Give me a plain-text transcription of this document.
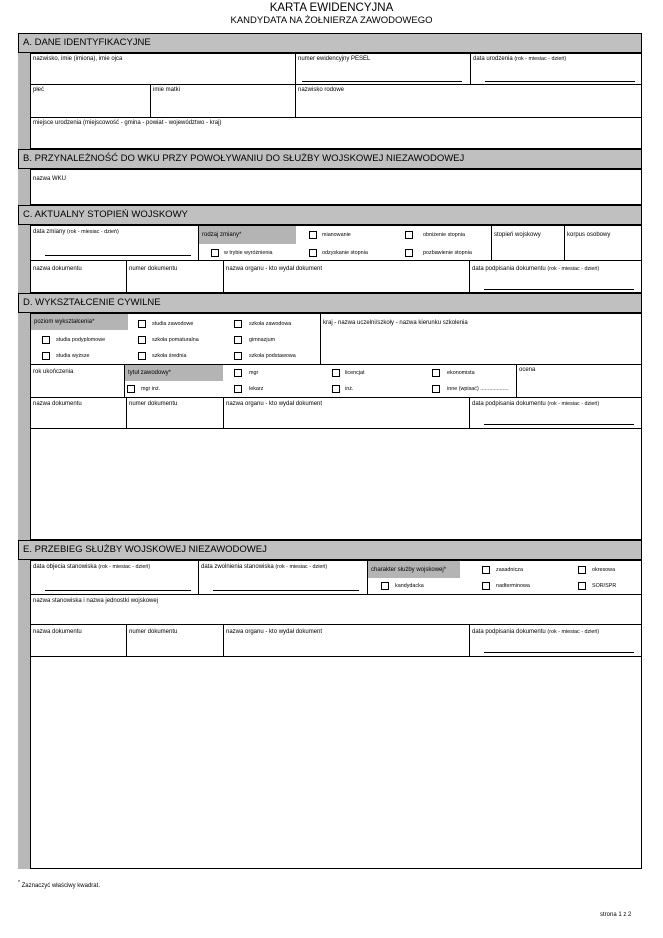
KARTA EWIDENCYJNA
KANDYDATA NA ŻOŁNIERZA ZAWODOWEGO
A. DANE IDENTYFIKACYJNE
nazwisko, imie (imiona), imie ojca	numer ewidencyjny PESEL	data urodzenia (rok - miesiac - dzień)
płeć	imie matki	nazwisko rodowe
miejsce urodzenia (miejscowość - gmina - powiat - województwo - kraj)
B. PRZYNALEŻNOŚĆ DO WKU PRZY POWOŁYWANIU DO SŁUŻBY WOJSKOWEJ NIEZAWODOWEJ
nazwa WKU
C. AKTUALNY STOPIEŃ WOJSKOWY
data zmiany (rok - miesiac - dzień)	rodzaj zmiany*	mianowanie	obniżenie stopnia
w trybie wyróżnienia	odzyskanie stopnia	pozbawienie stopnia
stopień wojskowy	korpus osobowy
nazwa dokumentu	numer dokumentu	nazwa organu - kto wydał dokument	data podpisania dokumentu (rok - miesiac - dzień)
D. WYKSZTAŁCENIE CYWILNE
poziom wykształcenia*	studia zawodowe	szkoła zawodowa
studia podyplomowe	szkoła pomaturalna	gimnazjum
studia wyższe	szkoła średnia	szkoła podstawowa
kraj - nazwa uczelni/szkoły - nazwa kierunku szkolenia
rok ukończenia	tytuł zawodowy*	mgr	licencjat	ekonomista
mgr inż.	lekarz	inż.	inne (wpisać) ...................
ocena
nazwa dokumentu	numer dokumentu	nazwa organu - kto wydał dokument	data podpisania dokumentu (rok - miesiac - dzień)
E. PRZEBIEG SŁUŻBY WOJSKOWEJ NIEZAWODOWEJ
data objecia stanowiska (rok - miesiac - dzień)	data zwolnienia stanowiska (rok - miesiac - dzień)	charakter służby wojskowej*	zasadnicza	okresowa
kandydacka	nadterminowa	SOR/SPR
nazwa stanowiska i nazwa jednostki wojskowej
nazwa dokumentu	numer dokumentu	nazwa organu - kto wydał dokument	data podpisania dokumentu (rok - miesiac - dzień)
* Zaznaczyć właściwy kwadrat.
strona 1 z 2
